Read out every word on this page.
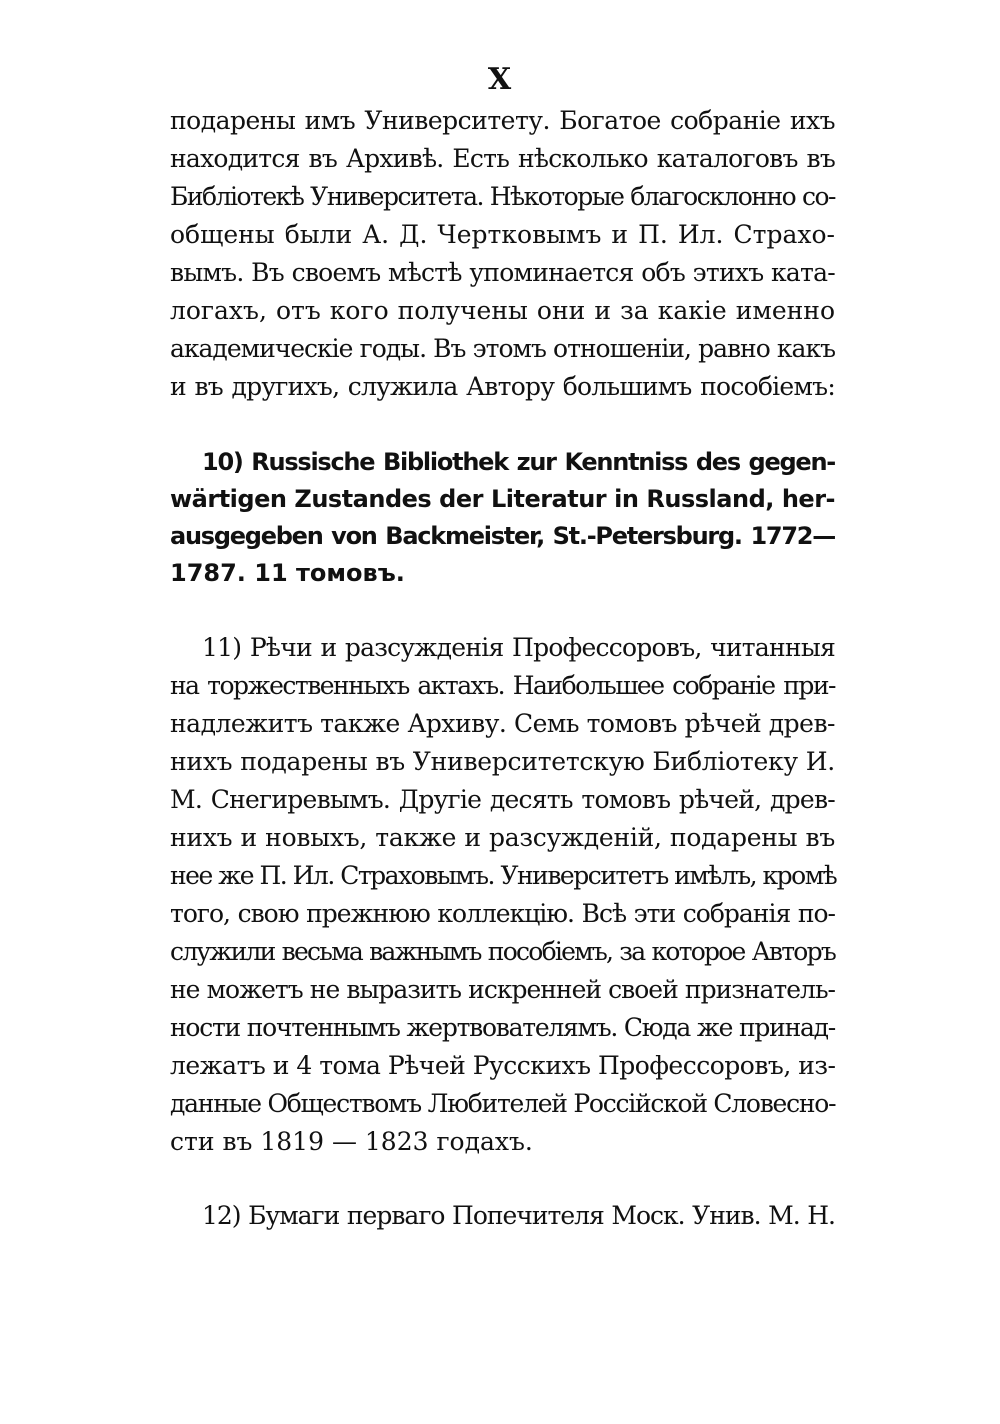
X
подарены имъ Университету. Богатое собранiе ихъ
находится въ Архивѣ. Есть нѣсколько каталоговъ въ
Библiотекѣ Университета. Нѣкоторые благосклонно со-
общены были А. Д. Чертковымъ и П. Ил. Страхо-
вымъ. Въ своемъ мѣстѣ упоминается объ этихъ ката-
логахъ, отъ кого получены они и за какiе именно
академическiе годы. Въ этомъ отношенiи, равно какъ
и въ другихъ, служила Автору большимъ пособiемъ:
10) Russische Bibliothek zur Kenntniss des gegen-
wärtigen Zustandes der Literatur in Russland, her-
ausgegeben von Backmeister, St.-Petersburg. 1772—
1787. 11 томовъ.
11) Рѣчи и разсужденiя Профессоровъ, читанныя
на торжественныхъ актахъ. Наибольшее собранiе при-
надлежитъ также Архиву. Семь томовъ рѣчей древ-
нихъ подарены въ Университетскую Библiотеку И.
М. Снегиревымъ. Другiе десять томовъ рѣчей, древ-
нихъ и новыхъ, также и разсужденiй, подарены въ
нее же П. Ил. Страховымъ. Университетъ имѣлъ, кромѣ
того, свою прежнюю коллекцiю. Всѣ эти собранiя по-
служили весьма важнымъ пособiемъ, за которое Авторъ
не можетъ не выразить искренней своей признатель-
ности почтеннымъ жертвователямъ. Сюда же принад-
лежатъ и 4 тома Рѣчей Русскихъ Профессоровъ, из-
данные Обществомъ Любителей Россiйской Словесно-
сти въ 1819 — 1823 годахъ.
12) Бумаги перваго Попечителя Моск. Унив. М. Н.
